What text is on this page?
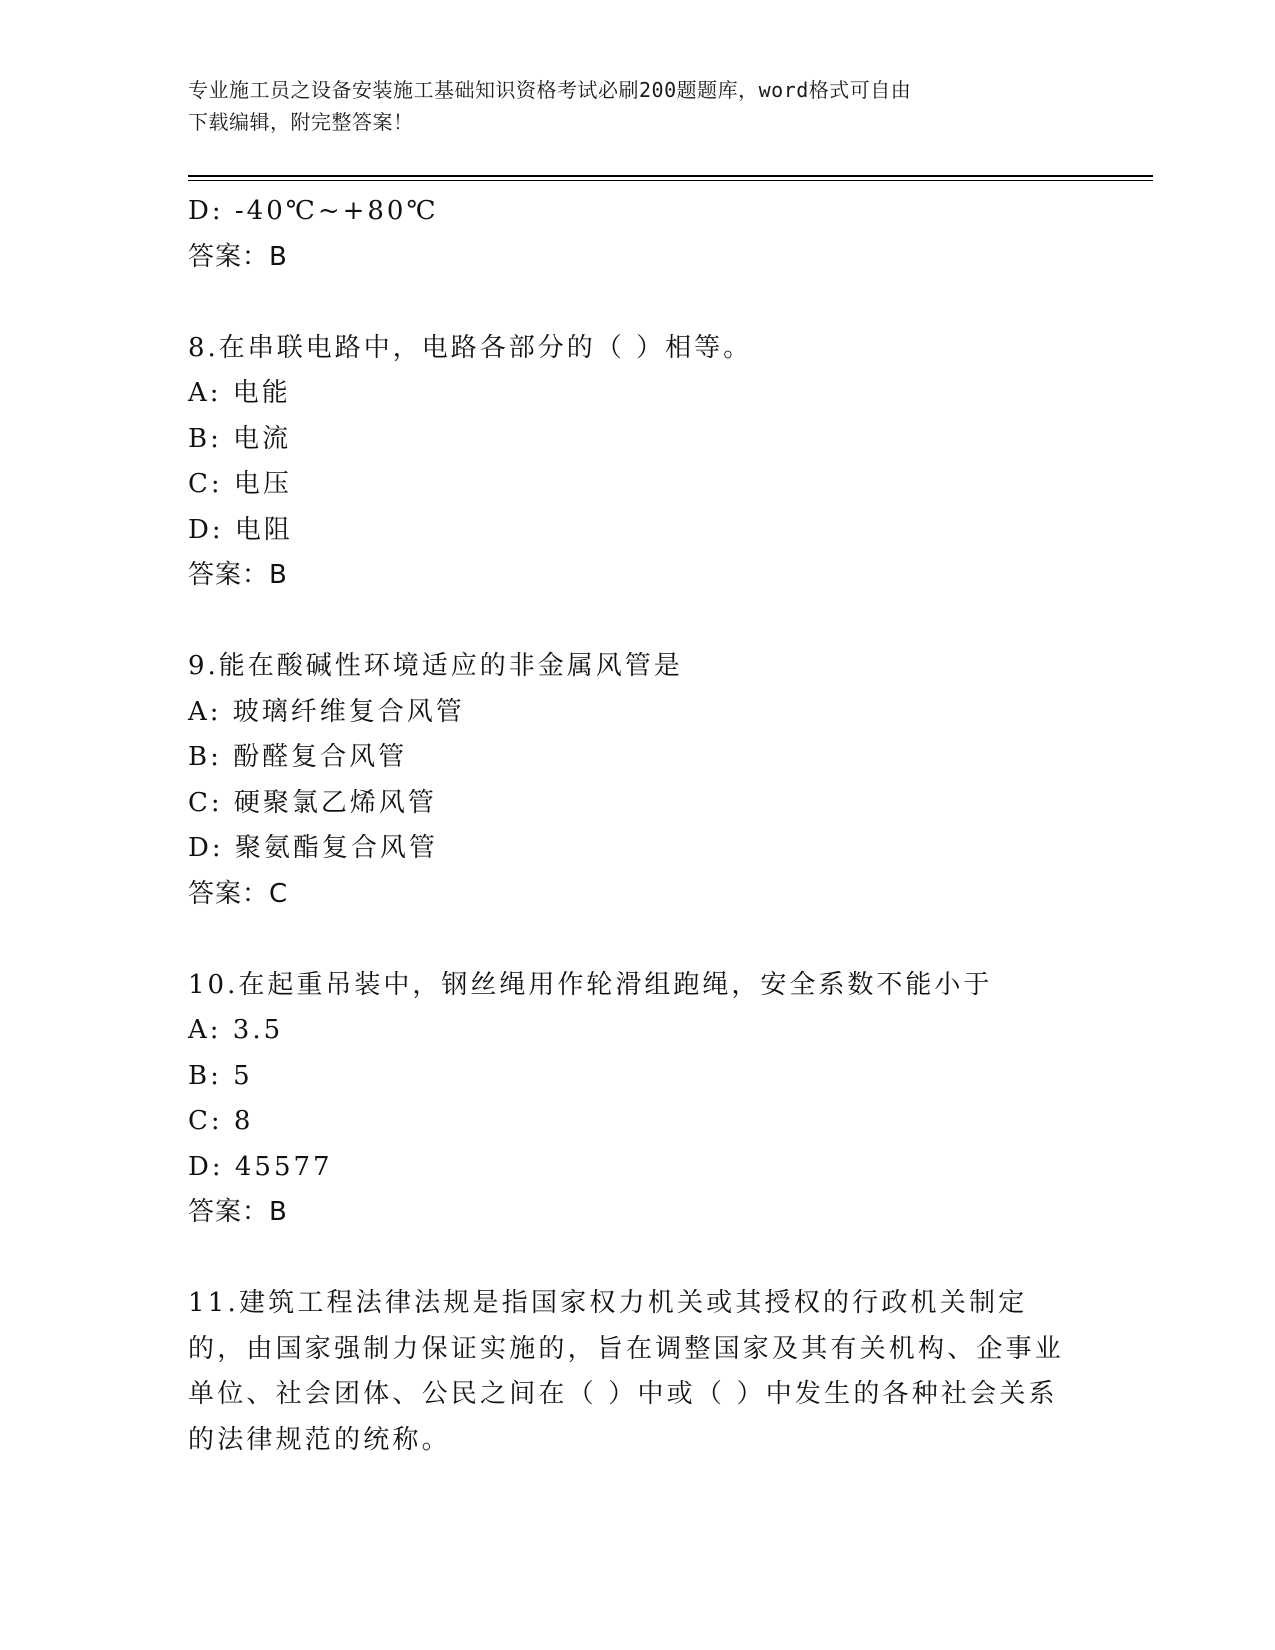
专业施工员之设备安装施工基础知识资格考试必刷200题题库，word格式可自由
下载编辑，附完整答案！
D: -40℃~+80℃
答案：B
8.在串联电路中，电路各部分的（ ）相等。
A: 电能
B: 电流
C: 电压
D: 电阻
答案：B
9.能在酸碱性环境适应的非金属风管是
A: 玻璃纤维复合风管
B: 酚醛复合风管
C: 硬聚氯乙烯风管
D: 聚氨酯复合风管
答案：C
10.在起重吊装中，钢丝绳用作轮滑组跑绳，安全系数不能小于
A: 3.5
B: 5
C: 8
D: 45577
答案：B
11.建筑工程法律法规是指国家权力机关或其授权的行政机关制定的，由国家强制力保证实施的，旨在调整国家及其有关机构、企事业单位、社会团体、公民之间在（ ）中或（ ）中发生的各种社会关系的法律规范的统称。
